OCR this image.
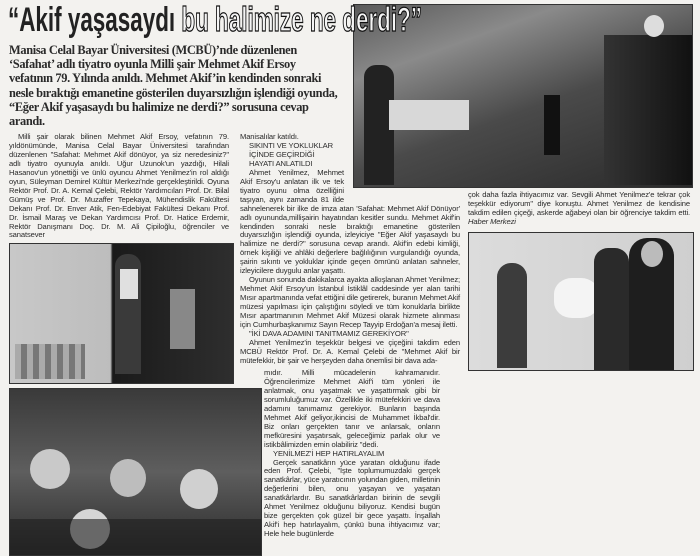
“Akif yaşasaydı bu halimize ne derdi?”
Manisa Celal Bayar Üniversitesi (MCBÜ)’nde düzenlenen ‘Safahat’ adlı tiyatro oyunla Milli şair Mehmet Akif Ersoy vefatının 79. Yılında anıldı. Mehmet Akif’in kendinden sonraki nesle bıraktığı emanetine gösterilen duyarsızlığın işlendiği oyunda, “Eğer Akif yaşasaydı bu halimize ne derdi?” sorusuna cevap arandı.

Milli şair olarak bilinen Mehmet Akif Ersoy, vefatının 79. yıldönümünde, Manisa Celal Bayar Üniversitesi tarafından düzenlenen "Safahat: Mehmet Akif dönüyor, ya siz neredesiniz?" adlı tiyatro oyunuyla anıldı. Uğur Uzunok'un yazdığı, Hilali Hasanov'un yönettiği ve ünlü oyuncu Ahmet Yenilmez'in rol aldığı oyun, Süleyman Demirel Kültür Merkezi'nde gerçekleştirildi. Oyuna Rektör Prof. Dr. A. Kemal Çelebi, Rektör Yardımcıları Prof. Dr. Bilal Gümüş ve Prof. Dr. Muzaffer Tepekaya, Mühendislik Fakültesi Dekanı Prof. Dr. Enver Atik, Fen-Edebiyat Fakültesi Dekanı Prof. Dr. İsmail Maraş ve Dekan Yardımcısı Prof. Dr. Hatice Erdemir, Rektör Danışmanı Doç. Dr. M. Ali Çipiloğlu, öğrenciler ve sanatsever

Manisalılar katıldı.

SIKINTI VE YOKLUKLAR

İÇİNDE GEÇİRDİĞİ

HAYATI ANLATILDI

Ahmet Yenilmez, Mehmet Akif Ersoy'u anlatan ilk ve tek tiyatro oyunu olma özelliğini taşıyan, aynı zamanda 81 ilde sahnelenerek bir ilke de imza atan 'Safahat: Mehmet Akif Dönüyor' adlı oyununda,millişairin hayatından kesitler sundu. Mehmet Akif'in kendinden sonraki nesle bıraktığı emanetine gösterilen duyarsızlığın işlendiği oyunda, izleyiciye "Eğer Akif yaşasaydı bu halimize ne derdi?" sorusuna cevap arandı. Akif'in edebi kimliği, örnek kişiliği ve ahlâki değerlere bağlılığının vurgulandığı oyunda, şairin sıkıntı ve yokluklar içinde geçen ömrünü anlatan sahneler, izleyicilere duygulu anlar yaşattı.

Oyunun sonunda dakikalarca ayakta alkışlanan Ahmet Yenilmez; Mehmet Akif Ersoy'un İstanbul İstiklâl caddesinde yer alan tarihi Mısır apartmanında vefat ettiğini dile getirerek, buranın Mehmet Akif müzesi yapılması için çalıştığını söyledi ve tüm konuklarla birlikte Mısır apartmanının Mehmet Akif Müzesi olarak hizmete alınması için Cumhurbaşkanımız Sayın Recep Tayyip Erdoğan'a mesaj iletti.

"İKİ DAVA ADAMINI TANITMAMIZ GEREKİYOR"

Ahmet Yenilmez'in teşekkür belgesi ve çiçeğini takdim eden MCBÜ Rektör Prof. Dr. A. Kemal Çelebi de "Mehmet Akif bir mütefekkir, bir şair ve herşeyden daha önemlisi bir dava ada-

mıdır. Milli mücadelenin kahramanıdır. Öğrencilerimize Mehmet Akif'i tüm yönleri ile anlatmak, onu yaşatmak ve yaşattırmak gibi bir sorumluluğumuz var. Özellikle iki mütefekkiri ve dava adamını tanımamız gerekiyor. Bunların başında Mehmet Akif geliyor,ikincisi de Muhammet İkbal'dir. Biz onları gerçekten tanır ve anlarsak, onların mefküresini yaşatırsak, geleceğimiz parlak olur ve istikbâlimizden emin olabiliriz "dedi.

YENİLMEZ'İ HEP HATIRLAYALIM

Gerçek sanatkârın yüce yaratan olduğunu ifade eden Prof. Çelebi, "İşte toplumumuzdaki gerçek sanatkârlar, yüce yaratıcının yolundan giden, milletinin değerlerini bilen, onu yaşayan ve yaşatan sanatkârlardır. Bu sanatkârlardan birinin de sevgili Ahmet Yenilmez olduğunu biliyoruz. Kendisi bugün bize gerçekten çok güzel bir gece yaşattı. İnşallah Akif'i hep hatırlayalım, çünkü buna ihtiyacımız var; Hele hele bugünlerde

çok daha fazla ihtiyacımız var. Sevgili Ahmet Yenilmez'e tekrar çok teşekkür ediyorum" diye konuştu. Ahmet Yenilmez de kendisine takdim edilen çiçeği, askerde ağabeyi olan bir öğrenciye takdim etti. Haber Merkezi
